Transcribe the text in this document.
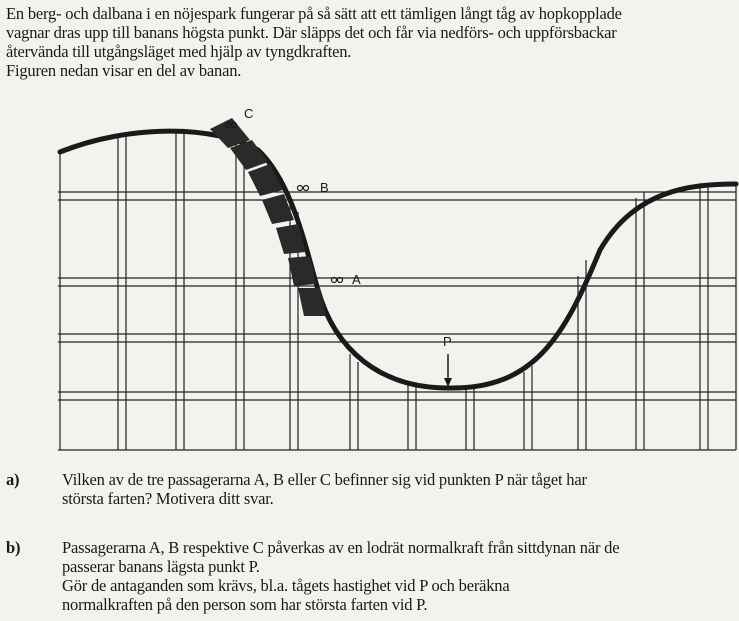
En berg- och dalbana i en nöjespark fungerar på så sätt att ett tämligen långt tåg av hopkopplade
vagnar dras upp till banans högsta punkt. Där släpps det och får via nedförs- och uppförsbackar
återvända till utgångsläget med hjälp av tyngdkraften.
Figuren nedan visar en del av banan.
C
B
A
P
a)	Vilken av de tre passagerarna A, B eller C befinner sig vid punkten P när tåget har
största farten? Motivera ditt svar.
b)	Passagerarna A, B respektive C påverkas av en lodrät normalkraft från sittdynan när de
passerar banans lägsta punkt P.
Gör de antaganden som krävs, bl.a. tågets hastighet vid P och beräkna
normalkraften på den person som har största farten vid P.
